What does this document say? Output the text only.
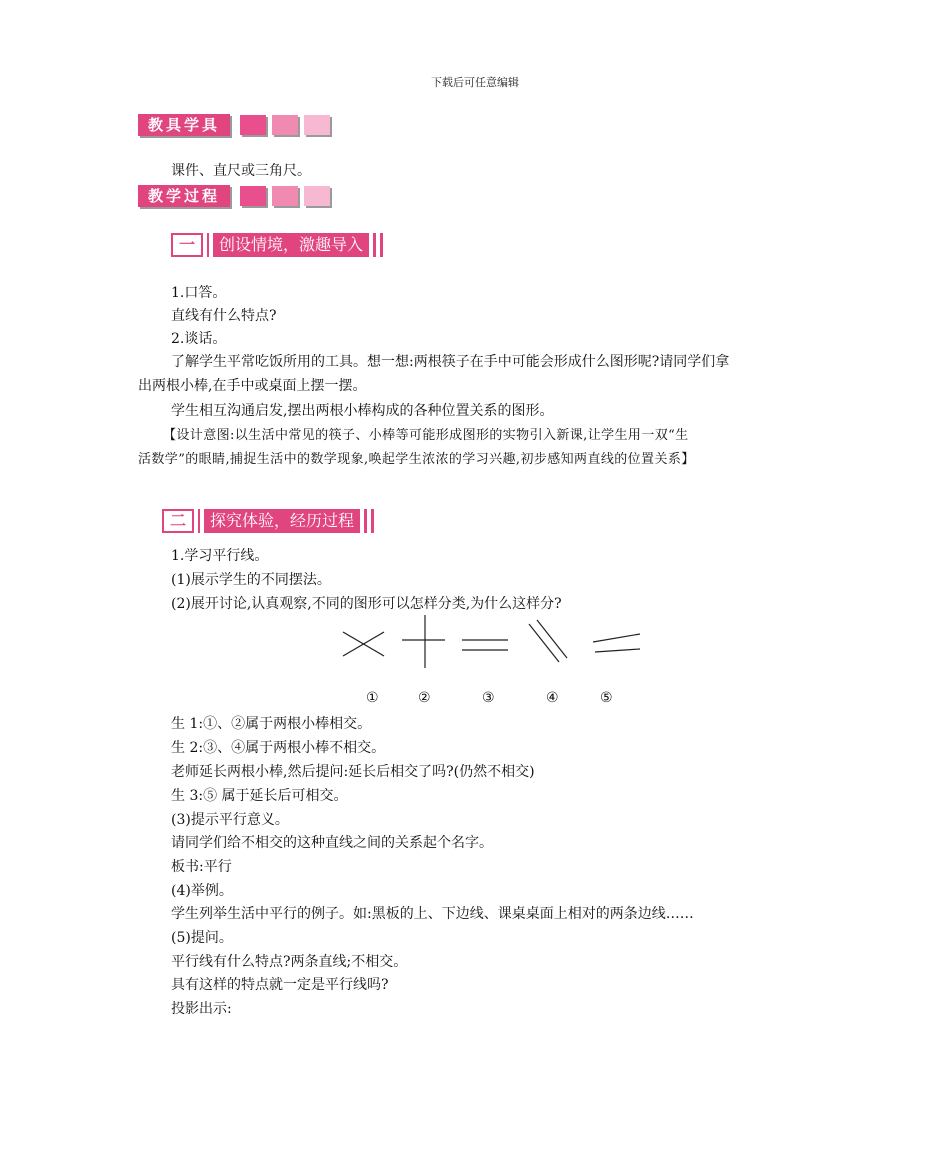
下载后可任意编辑
教具学具
课件、直尺或三角尺。
教学过程
一	创设情境，激趣导入
1.口答。
直线有什么特点?
2.谈话。
了解学生平常吃饭所用的工具。想一想:两根筷子在手中可能会形成什么图形呢?请同学们拿
出两根小棒,在手中或桌面上摆一摆。
学生相互沟通启发,摆出两根小棒构成的各种位置关系的图形。
【设计意图:以生活中常见的筷子、小棒等可能形成图形的实物引入新课,让学生用一双“生
活数学”的眼睛,捕捉生活中的数学现象,唤起学生浓浓的学习兴趣,初步感知两直线的位置关系】
二	探究体验，经历过程
1.学习平行线。
(1)展示学生的不同摆法。
(2)展开讨论,认真观察,不同的图形可以怎样分类,为什么这样分?
①	②	③	④	⑤
生 1:①、②属于两根小棒相交。
生 2:③、④属于两根小棒不相交。
老师延长两根小棒,然后提问:延长后相交了吗?(仍然不相交)
生 3:⑤ 属于延长后可相交。
(3)提示平行意义。
请同学们给不相交的这种直线之间的关系起个名字。
板书:平行
(4)举例。
学生列举生活中平行的例子。如:黑板的上、下边线、课桌桌面上相对的两条边线……
(5)提问。
平行线有什么特点?两条直线;不相交。
具有这样的特点就一定是平行线吗?
投影出示:
